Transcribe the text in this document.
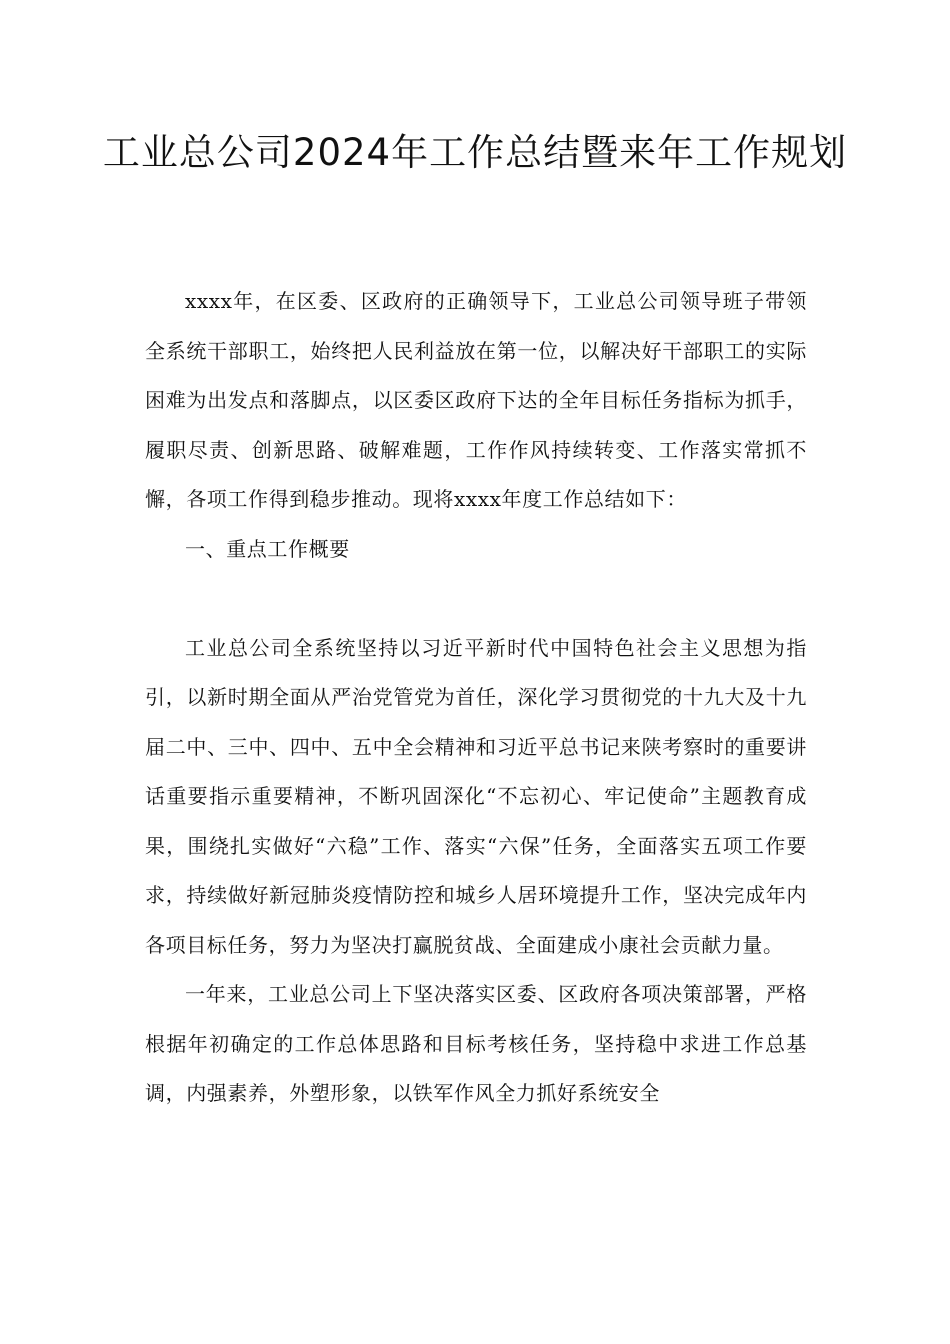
工业总公司2024年工作总结暨来年工作规划

xxxx年，在区委、区政府的正确领导下，工业总公司领导班子带领全系统干部职工，始终把人民利益放在第一位，以解决好干部职工的实际困难为出发点和落脚点，以区委区政府下达的全年目标任务指标为抓手，履职尽责、创新思路、破解难题，工作作风持续转变、工作落实常抓不懈，各项工作得到稳步推动。现将xxxx年度工作总结如下：

一、重点工作概要

工业总公司全系统坚持以习近平新时代中国特色社会主义思想为指引，以新时期全面从严治党管党为首任，深化学习贯彻党的十九大及十九届二中、三中、四中、五中全会精神和习近平总书记来陕考察时的重要讲话重要指示重要精神，不断巩固深化“不忘初心、牢记使命”主题教育成果，围绕扎实做好“六稳”工作、落实“六保”任务，全面落实五项工作要求，持续做好新冠肺炎疫情防控和城乡人居环境提升工作，坚决完成年内各项目标任务，努力为坚决打赢脱贫战、全面建成小康社会贡献力量。

一年来，工业总公司上下坚决落实区委、区政府各项决策部署，严格根据年初确定的工作总体思路和目标考核任务，坚持稳中求进工作总基调，内强素养，外塑形象，以铁军作风全力抓好系统安全
